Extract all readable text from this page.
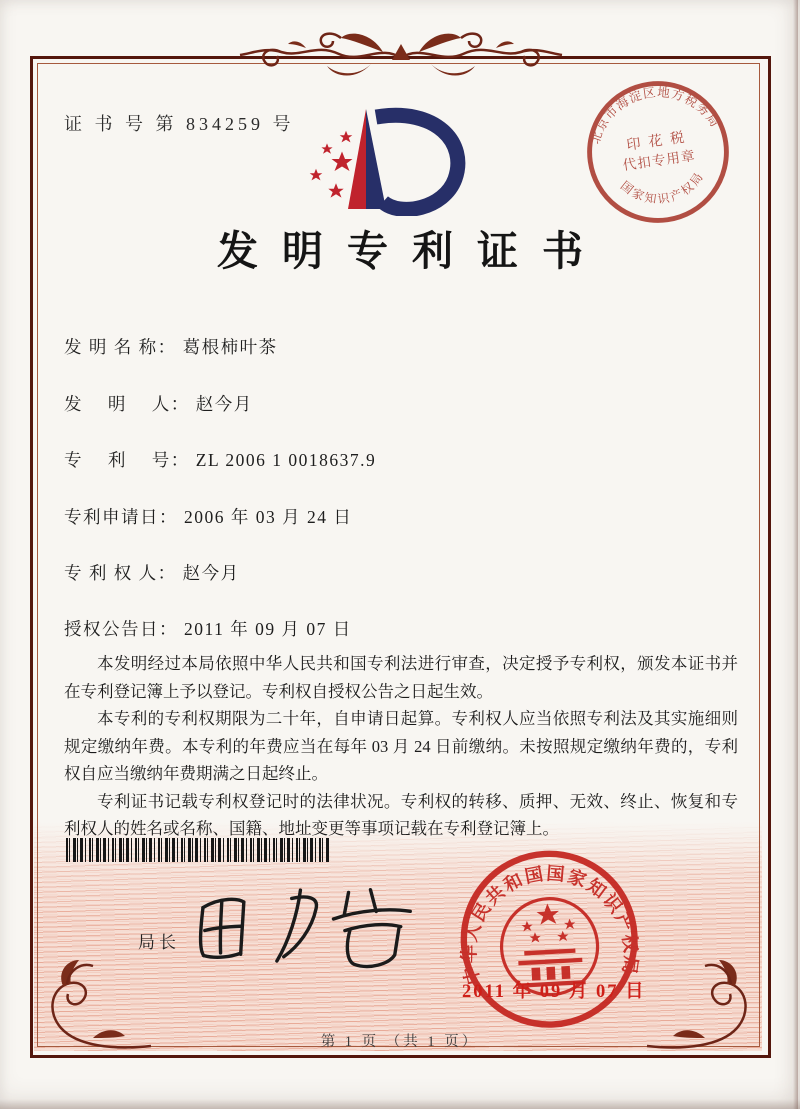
证 书 号 第 834259 号
北京市海淀区地方税务局
国家知识产权局
印 花 税
代扣专用章
发明专利证书
发 明 名 称： 葛根柿叶茶
发　 明　 人： 赵今月
专　 利　 号： ZL 2006 1 0018637.9
专利申请日： 2006 年 03 月 24 日
专 利 权 人： 赵今月
授权公告日： 2011 年 09 月 07 日

本发明经过本局依照中华人民共和国专利法进行审查，决定授予专利权，颁发本证书并在专利登记簿上予以登记。专利权自授权公告之日起生效。

本专利的专利权期限为二十年，自申请日起算。专利权人应当依照专利法及其实施细则规定缴纳年费。本专利的年费应当在每年 03 月 24 日前缴纳。未按照规定缴纳年费的，专利权自应当缴纳年费期满之日起终止。

专利证书记载专利权登记时的法律状况。专利权的转移、质押、无效、终止、恢复和专利权人的姓名或名称、国籍、地址变更等事项记载在专利登记簿上。

局长
中华人民共和国国家知识产权局
2011 年 09 月 07 日
第 1 页 （共 1 页）
